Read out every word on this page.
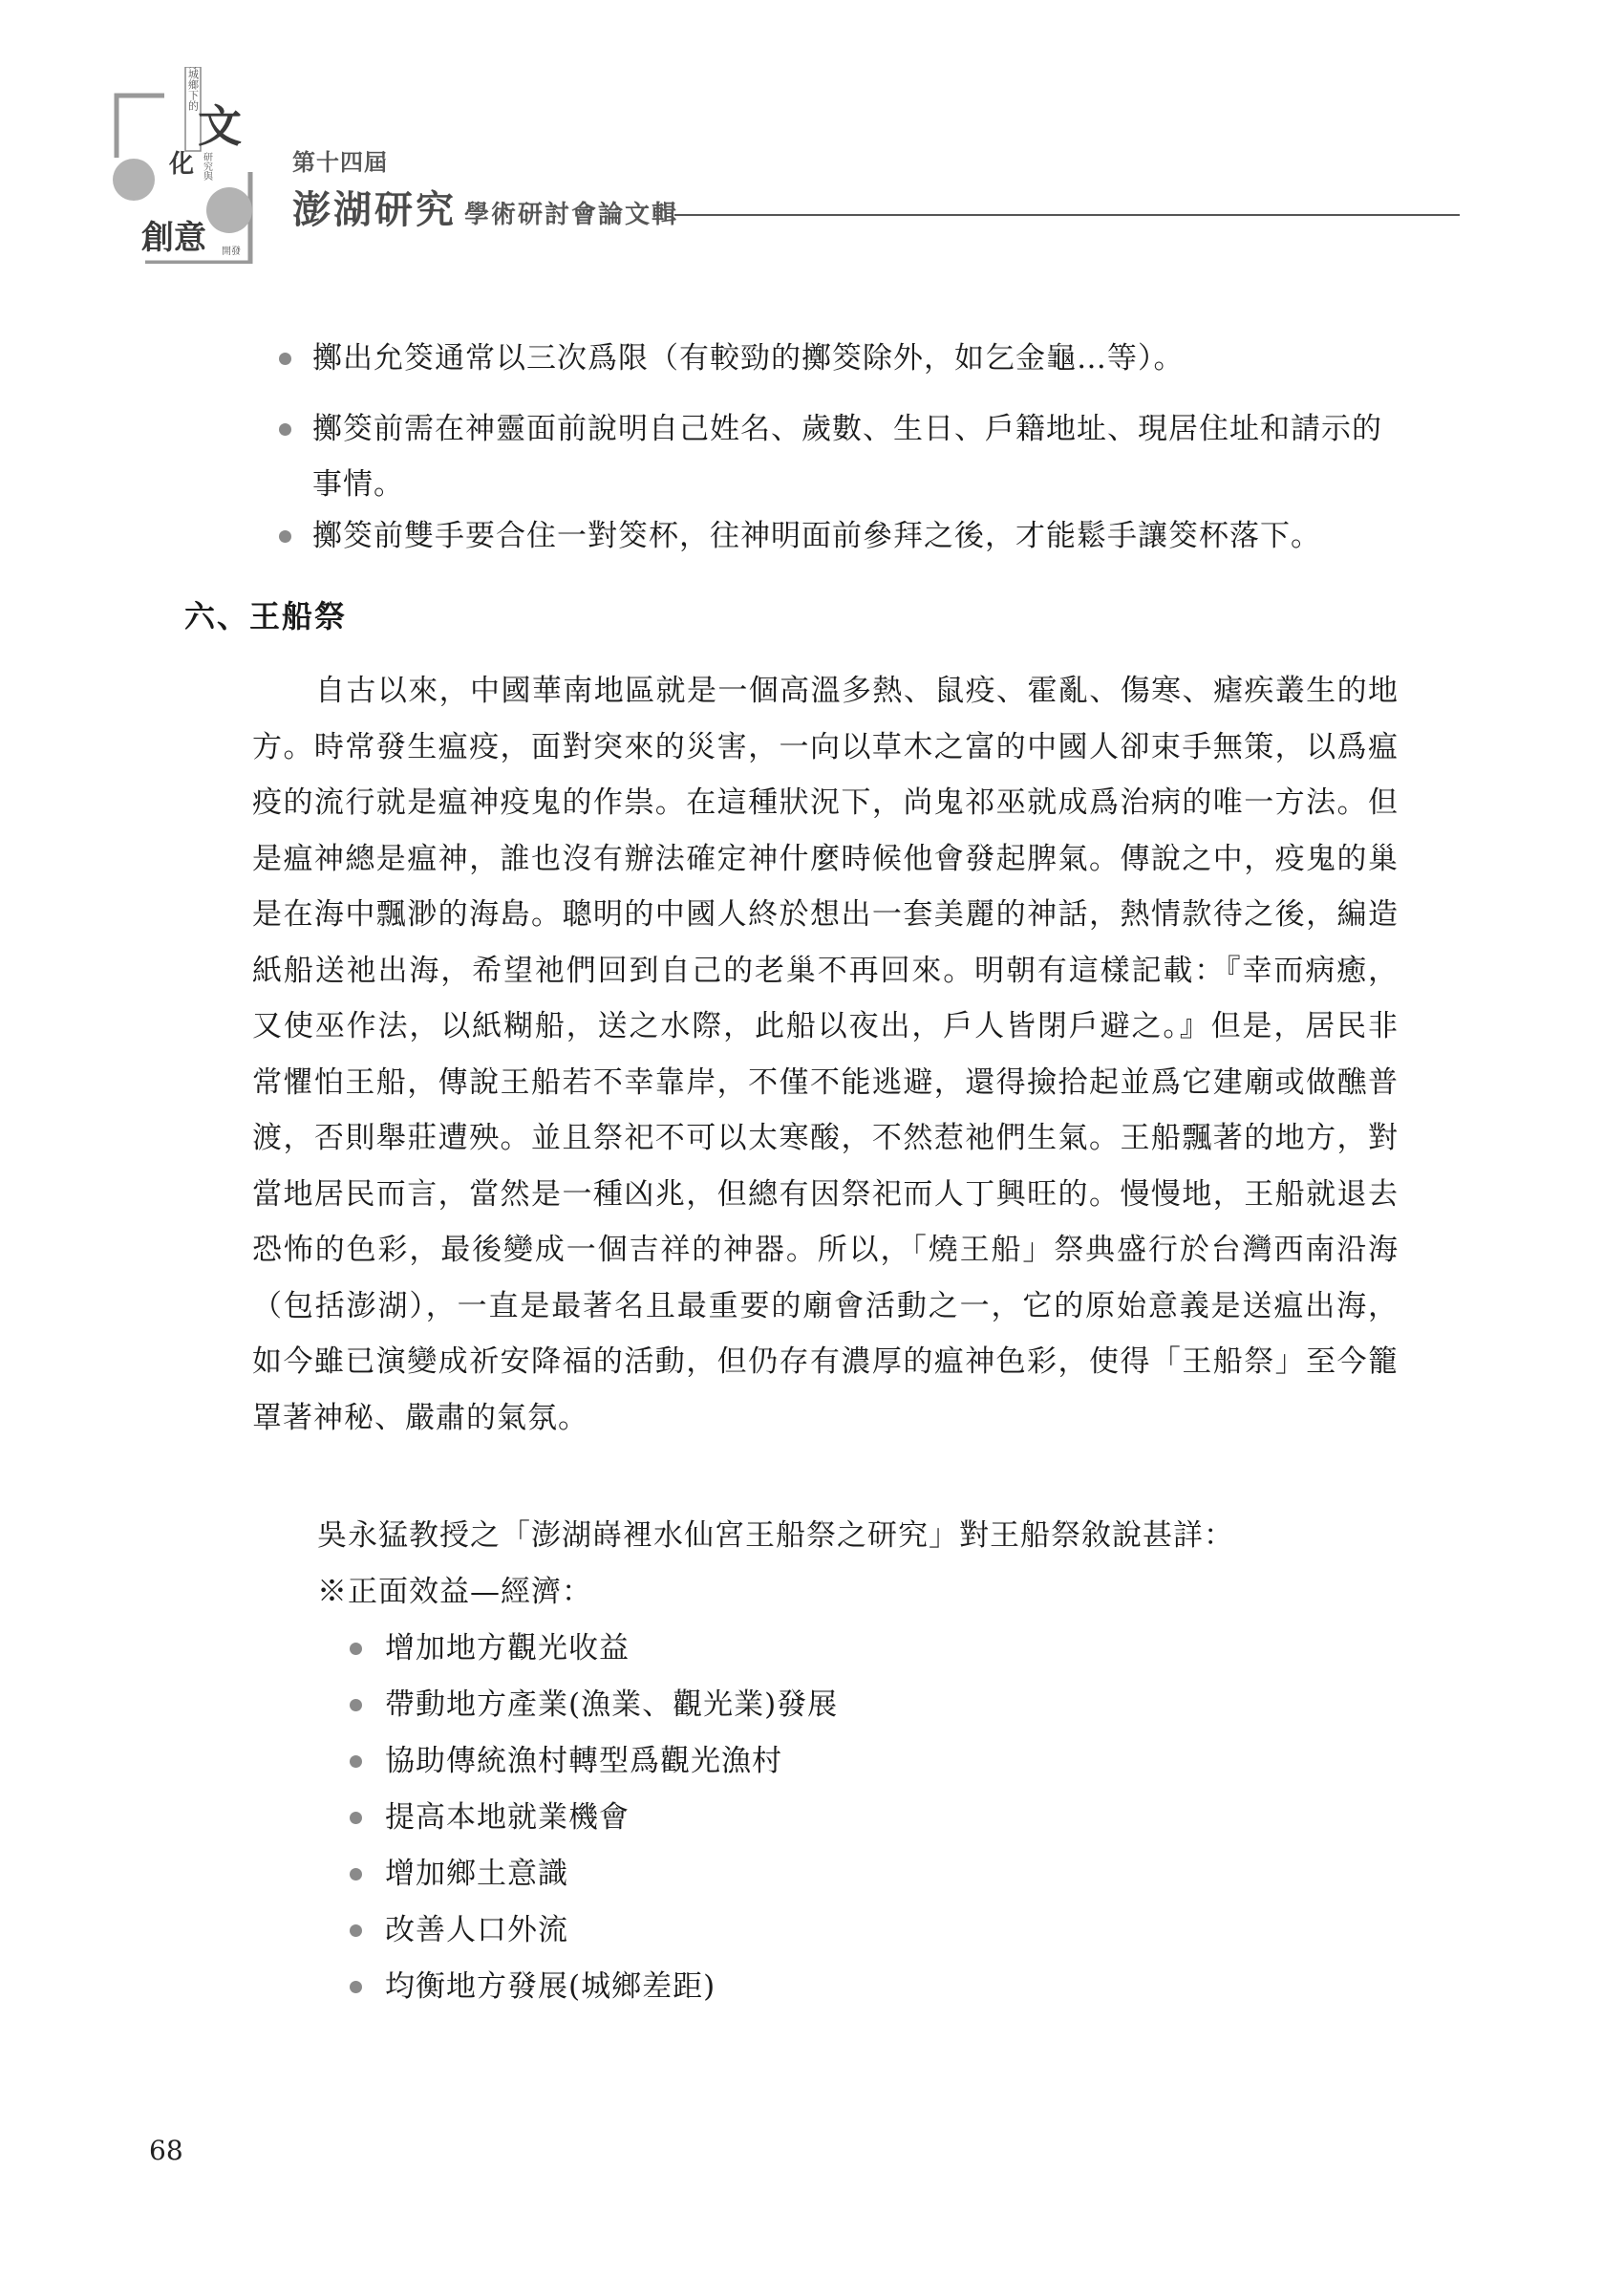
地方城鄉下的
文
化 研究與
創意 開發
第十四屆
澎湖研究 學術研討會論文輯
擲出允筊通常以三次爲限（有較勁的擲筊除外，如乞金龜…等）。
擲筊前需在神靈面前說明自己姓名、歲數、生日、戶籍地址、現居住址和請示的事情。
擲筊前雙手要合住一對筊杯，往神明面前參拜之後，才能鬆手讓筊杯落下。
六、王船祭
自古以來，中國華南地區就是一個高溫多熱、鼠疫、霍亂、傷寒、瘧疾叢生的地方。時常發生瘟疫，面對突來的災害，一向以草木之富的中國人卻束手無策，以爲瘟疫的流行就是瘟神疫鬼的作祟。在這種狀況下，尚鬼祁巫就成爲治病的唯一方法。但是瘟神總是瘟神，誰也沒有辦法確定神什麼時候他會發起脾氣。傳說之中，疫鬼的巢是在海中飄渺的海島。聰明的中國人終於想出一套美麗的神話，熱情款待之後，編造紙船送祂出海，希望祂們回到自己的老巢不再回來。明朝有這樣記載：『幸而病癒，又使巫作法，以紙糊船，送之水際，此船以夜出，戶人皆閉戶避之。』但是，居民非常懼怕王船，傳說王船若不幸靠岸，不僅不能逃避，還得撿拾起並爲它建廟或做醮普渡，否則舉莊遭殃。並且祭祀不可以太寒酸，不然惹祂們生氣。王船飄著的地方，對當地居民而言，當然是一種凶兆，但總有因祭祀而人丁興旺的。慢慢地，王船就退去恐怖的色彩，最後變成一個吉祥的神器。所以，「燒王船」祭典盛行於台灣西南沿海（包括澎湖），一直是最著名且最重要的廟會活動之一，它的原始意義是送瘟出海，如今雖已演變成祈安降福的活動，但仍存有濃厚的瘟神色彩，使得「王船祭」至今籠罩著神秘、嚴肅的氣氛。
吳永猛教授之「澎湖嵵裡水仙宮王船祭之研究」對王船祭敘說甚詳：
※正面效益—經濟：
增加地方觀光收益
帶動地方產業(漁業、觀光業)發展
協助傳統漁村轉型爲觀光漁村
提高本地就業機會
增加鄉土意識
改善人口外流
均衡地方發展(城鄉差距)
68
